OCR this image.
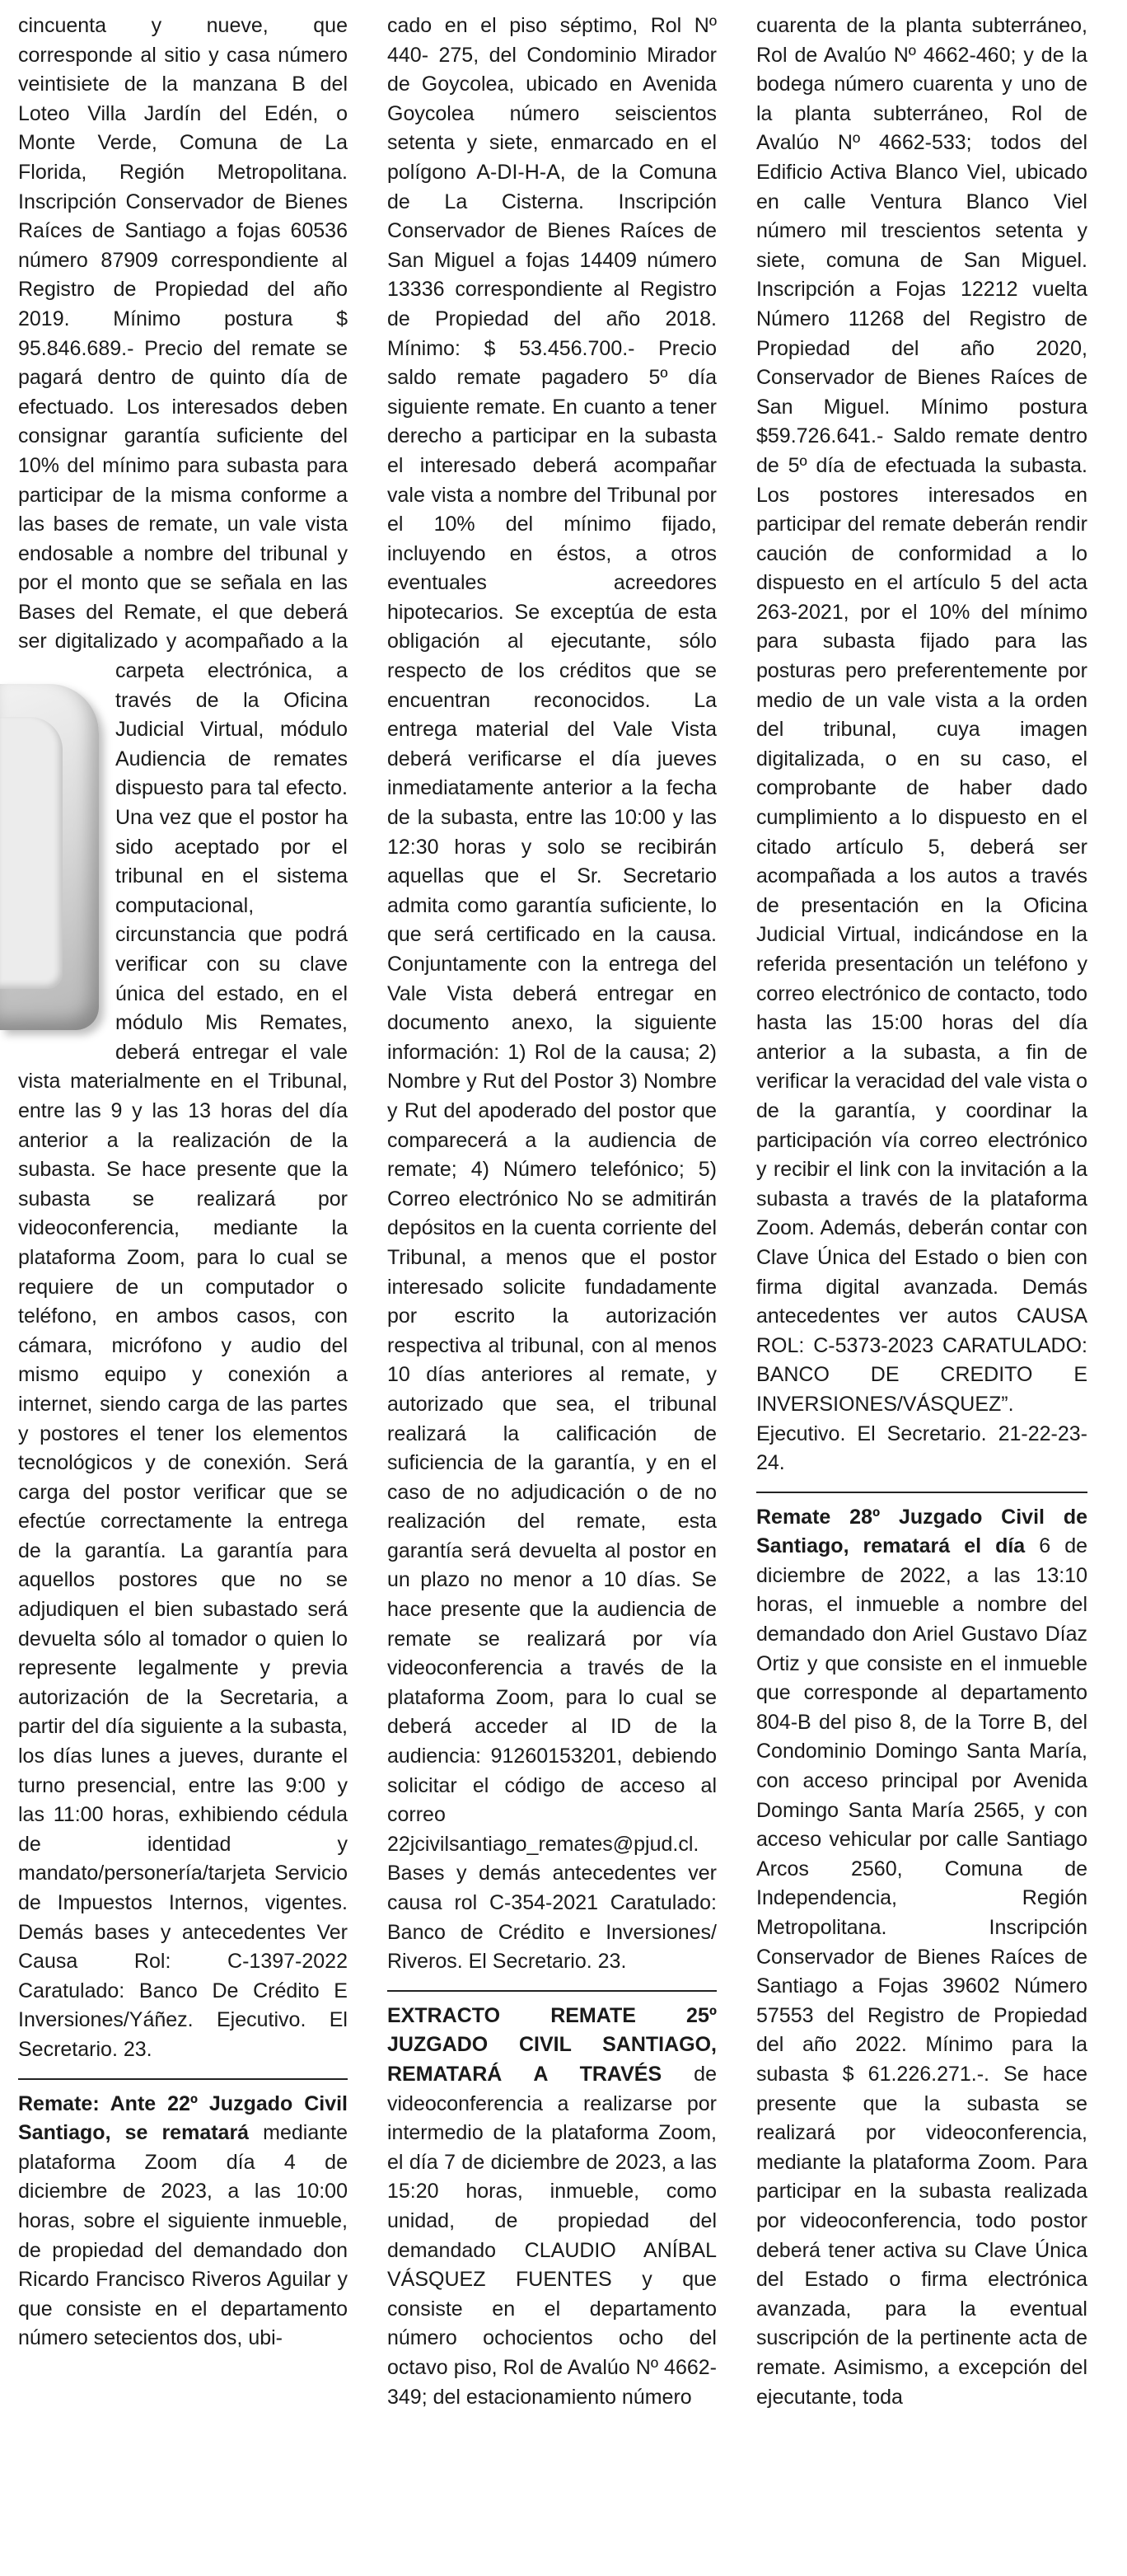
cincuenta y nueve, que corresponde al sitio y casa número veintisiete de la manzana B del Loteo Villa Jardín del Edén, o Monte Verde, Comuna de La Florida, Región Metropolitana. Inscripción Conservador de Bienes Raíces de Santiago a fojas 60536 número 87909 correspondiente al Registro de Propiedad del año 2019. Mínimo postura $ 95.846.689.- Precio del remate se pagará dentro de quinto día de efectuado. Los interesados deben consignar garantía suficiente del 10% del mínimo para subasta para participar de la misma conforme a las bases de remate, un vale vista endosable a nombre del tribunal y por el monto que se señala en las Bases del Remate, el que deberá ser digitalizado y acompañado a la carpeta electrónica, a través de la Oficina Judicial Virtual, módulo Audiencia de remates dispuesto para tal efecto. Una vez que el postor ha sido aceptado por el tribunal en el sistema computacional, circunstancia que podrá verificar con su clave única del estado, en el módulo Mis Remates, deberá entregar el vale vista materialmente en el Tribunal, entre las 9 y las 13 horas del día anterior a la realización de la subasta. Se hace presente que la subasta se realizará por videoconferencia, mediante la plataforma Zoom, para lo cual se requiere de un computador o teléfono, en ambos casos, con cámara, micrófono y audio del mismo equipo y conexión a internet, siendo carga de las partes y postores el tener los elementos tecnológicos y de conexión. Será carga del postor verificar que se efectúe correctamente la entrega de la garantía. La garantía para aquellos postores que no se adjudiquen el bien subastado será devuelta sólo al tomador o quien lo represente legalmente y previa autorización de la Secretaria, a partir del día siguiente a la subasta, los días lunes a jueves, durante el turno presencial, entre las 9:00 y las 11:00 horas, exhibiendo cédula de identidad y mandato/personería/tarjeta Servicio de Impuestos Internos, vigentes. Demás bases y antecedentes Ver Causa Rol: C-1397-2022 Caratulado: Banco De Crédito E Inversiones/Yáñez. Ejecutivo. El Secretario. 23.

Remate: Ante 22º Juzgado Civil Santiago, se rematará mediante plataforma Zoom día 4 de diciembre de 2023, a las 10:00 horas, sobre el siguiente inmueble, de propiedad del demandado don Ricardo Francisco Riveros Aguilar y que consiste en el departamento número setecientos dos, ubi-

cado en el piso séptimo, Rol Nº 440- 275, del Condominio Mirador de Goycolea, ubicado en Avenida Goycolea número seiscientos setenta y siete, enmarcado en el polígono A-DI-H-A, de la Comuna de La Cisterna. Inscripción Conservador de Bienes Raíces de San Miguel a fojas 14409 número 13336 correspondiente al Registro de Propiedad del año 2018. Mínimo: $ 53.456.700.- Precio saldo remate pagadero 5º día siguiente remate. En cuanto a tener derecho a participar en la subasta el interesado deberá acompañar vale vista a nombre del Tribunal por el 10% del mínimo fijado, incluyendo en éstos, a otros eventuales acreedores hipotecarios. Se exceptúa de esta obligación al ejecutante, sólo respecto de los créditos que se encuentran reconocidos. La entrega material del Vale Vista deberá verificarse el día jueves inmediatamente anterior a la fecha de la subasta, entre las 10:00 y las 12:30 horas y solo se recibirán aquellas que el Sr. Secretario admita como garantía suficiente, lo que será certificado en la causa. Conjuntamente con la entrega del Vale Vista deberá entregar en documento anexo, la siguiente información: 1) Rol de la causa; 2) Nombre y Rut del Postor 3) Nombre y Rut del apoderado del postor que comparecerá a la audiencia de remate; 4) Número telefónico; 5) Correo electrónico No se admitirán depósitos en la cuenta corriente del Tribunal, a menos que el postor interesado solicite fundadamente por escrito la autorización respectiva al tribunal, con al menos 10 días anteriores al remate, y autorizado que sea, el tribunal realizará la calificación de suficiencia de la garantía, y en el caso de no adjudicación o de no realización del remate, esta garantía será devuelta al postor en un plazo no menor a 10 días. Se hace presente que la audiencia de remate se realizará por vía videoconferencia a través de la plataforma Zoom, para lo cual se deberá acceder al ID de la audiencia: 91260153201, debiendo solicitar el código de acceso al correo 22jcivilsantiago_remates@pjud.cl. Bases y demás antecedentes ver causa rol C-354-2021 Caratulado: Banco de Crédito e Inversiones/ Riveros. El Secretario. 23.

EXTRACTO REMATE 25º JUZGADO CIVIL SANTIAGO, REMATARÁ A TRAVÉS de videoconferencia a realizarse por intermedio de la plataforma Zoom, el día 7 de diciembre de 2023, a las 15:20 horas, inmueble, como unidad, de propiedad del demandado CLAUDIO ANÍBAL VÁSQUEZ FUENTES y que consiste en el departamento número ochocientos ocho del octavo piso, Rol de Avalúo Nº 4662- 349; del estacionamiento número

cuarenta de la planta subterráneo, Rol de Avalúo Nº 4662-460; y de la bodega número cuarenta y uno de la planta subterráneo, Rol de Avalúo Nº 4662-533; todos del Edificio Activa Blanco Viel, ubicado en calle Ventura Blanco Viel número mil trescientos setenta y siete, comuna de San Miguel. Inscripción a Fojas 12212 vuelta Número 11268 del Registro de Propiedad del año 2020, Conservador de Bienes Raíces de San Miguel. Mínimo postura $59.726.641.- Saldo remate dentro de 5º día de efectuada la subasta. Los postores interesados en participar del remate deberán rendir caución de conformidad a lo dispuesto en el artículo 5 del acta 263-2021, por el 10% del mínimo para subasta fijado para las posturas pero preferentemente por medio de un vale vista a la orden del tribunal, cuya imagen digitalizada, o en su caso, el comprobante de haber dado cumplimiento a lo dispuesto en el citado artículo 5, deberá ser acompañada a los autos a través de presentación en la Oficina Judicial Virtual, indicándose en la referida presentación un teléfono y correo electrónico de contacto, todo hasta las 15:00 horas del día anterior a la subasta, a fin de verificar la veracidad del vale vista o de la garantía, y coordinar la participación vía correo electrónico y recibir el link con la invitación a la subasta a través de la plataforma Zoom. Además, deberán contar con Clave Única del Estado o bien con firma digital avanzada. Demás antecedentes ver autos CAUSA ROL: C-5373-2023 CARATULADO: BANCO DE CREDITO E INVERSIONES/VÁSQUEZ”. Ejecutivo. El Secretario. 21-22-23-24.

Remate 28º Juzgado Civil de Santiago, rematará el día 6 de diciembre de 2022, a las 13:10 horas, el inmueble a nombre del demandado don Ariel Gustavo Díaz Ortiz y que consiste en el inmueble que corresponde al departamento 804-B del piso 8, de la Torre B, del Condominio Domingo Santa María, con acceso principal por Avenida Domingo Santa María 2565, y con acceso vehicular por calle Santiago Arcos 2560, Comuna de Independencia, Región Metropolitana. Inscripción Conservador de Bienes Raíces de Santiago a Fojas 39602 Número 57553 del Registro de Propiedad del año 2022. Mínimo para la subasta $ 61.226.271.-. Se hace presente que la subasta se realizará por videoconferencia, mediante la plataforma Zoom. Para participar en la subasta realizada por videoconferencia, todo postor deberá tener activa su Clave Única del Estado o firma electrónica avanzada, para la eventual suscripción de la pertinente acta de remate. Asimismo, a excepción del ejecutante, toda
